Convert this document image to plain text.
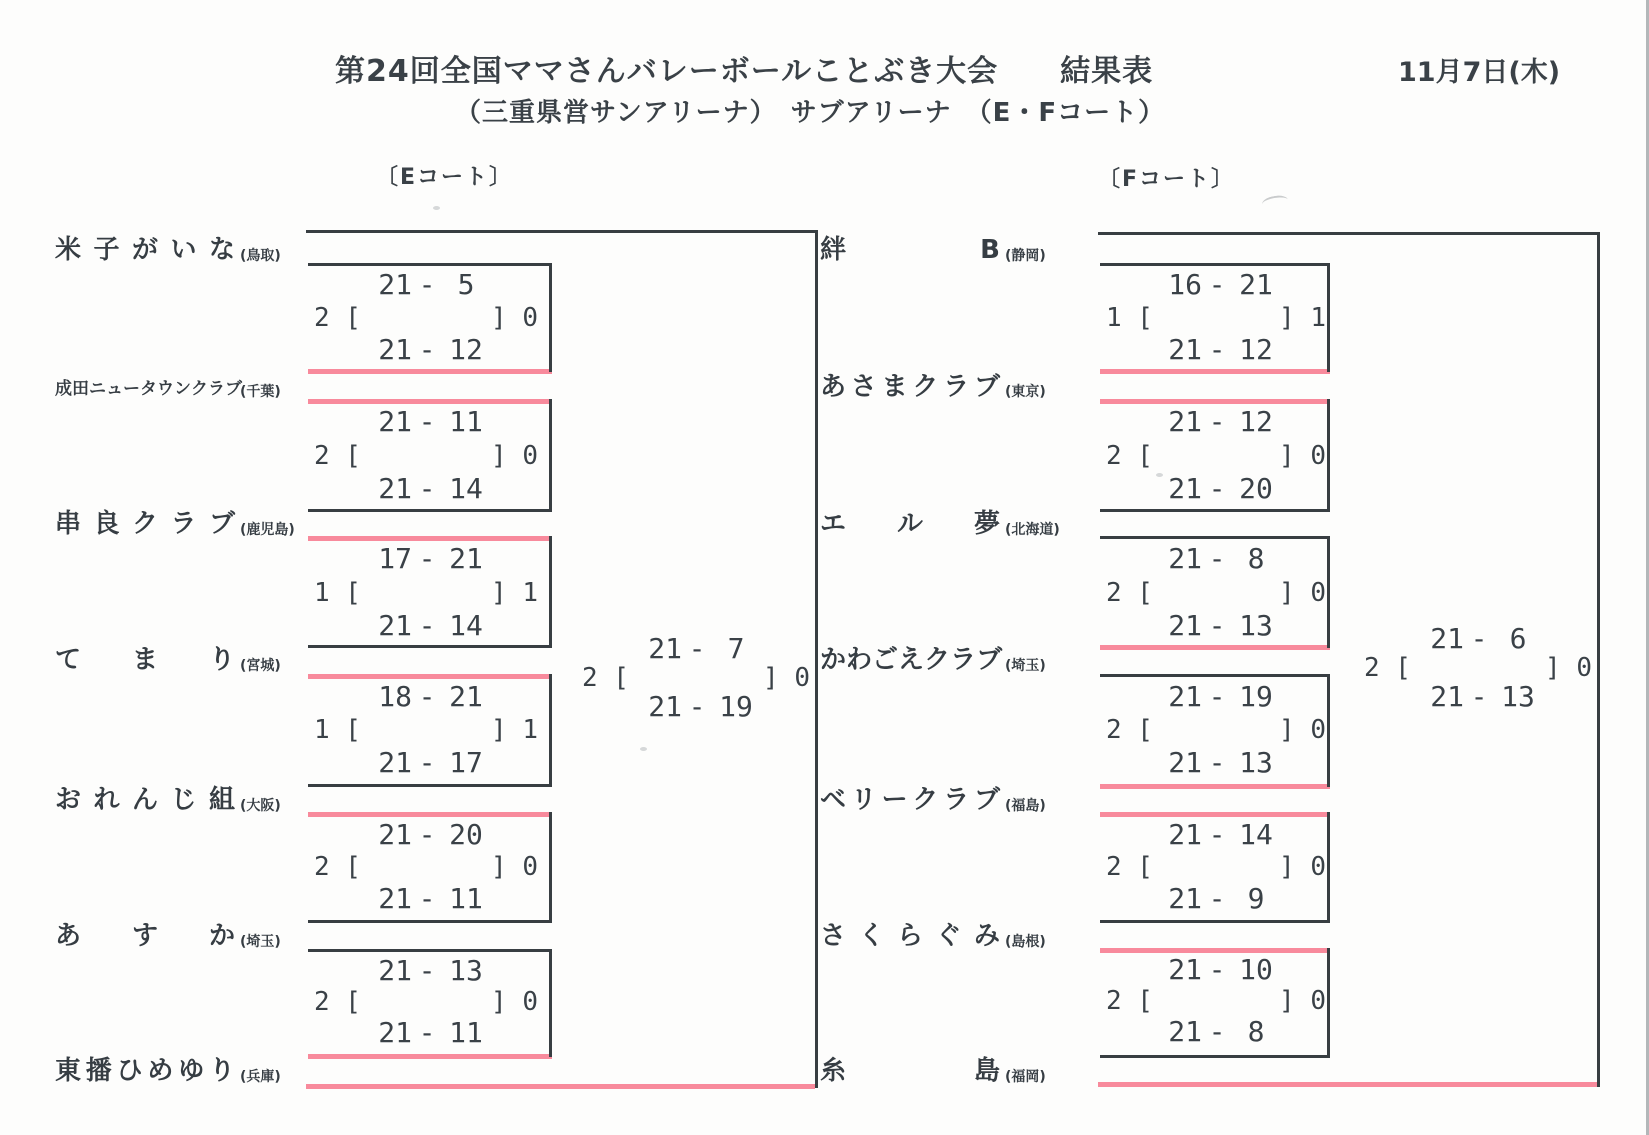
第24回全国ママさんバレーボールことぶき大会　　結果表
（三重県営サンアリーナ）　サブアリーナ　（E・Fコート）
11月7日(木)
〔Eコート〕	〔Fコート〕
米 子 が い な (鳥取)
成 田 ニ ュ ー タ ウ ン ク ラ ブ
(千葉)
串 良 ク ラ ブ (鹿児島)
て ま り (宮城)
お れ ん じ 組 (大阪)
あ す か (埼玉)
東 播 ひ め ゆ り (兵庫)
2 [
21 - 5
21 - 12
] 0
2 [
21 - 11
21 - 14
] 0
1 [
17 - 21
21 - 14
] 1
1 [
18 - 21
21 - 17
] 1
2 [
21 - 20
21 - 11
] 0
2 [
21 - 13
21 - 11
] 0
2 [
21 - 7
21 - 19
] 0
絆	B (静岡)
あ さ ま ク ラ ブ (東京)
エ ル 夢 (北海道)
か わ ご え ク ラ ブ (埼玉)
ベ リ ー ク ラ ブ (福島)
さ く ら ぐ み (島根)
糸	島 (福岡)
1 [
16 - 21
21 - 12
] 1
2 [
21 - 12
21 - 20
] 0
2 [
21 - 8
21 - 13
] 0
2 [
21 - 19
21 - 13
] 0
2 [
21 - 14
21 - 9
] 0
2 [
21 - 10
21 - 8
] 0
2 [
21 - 6
21 - 13
] 0
